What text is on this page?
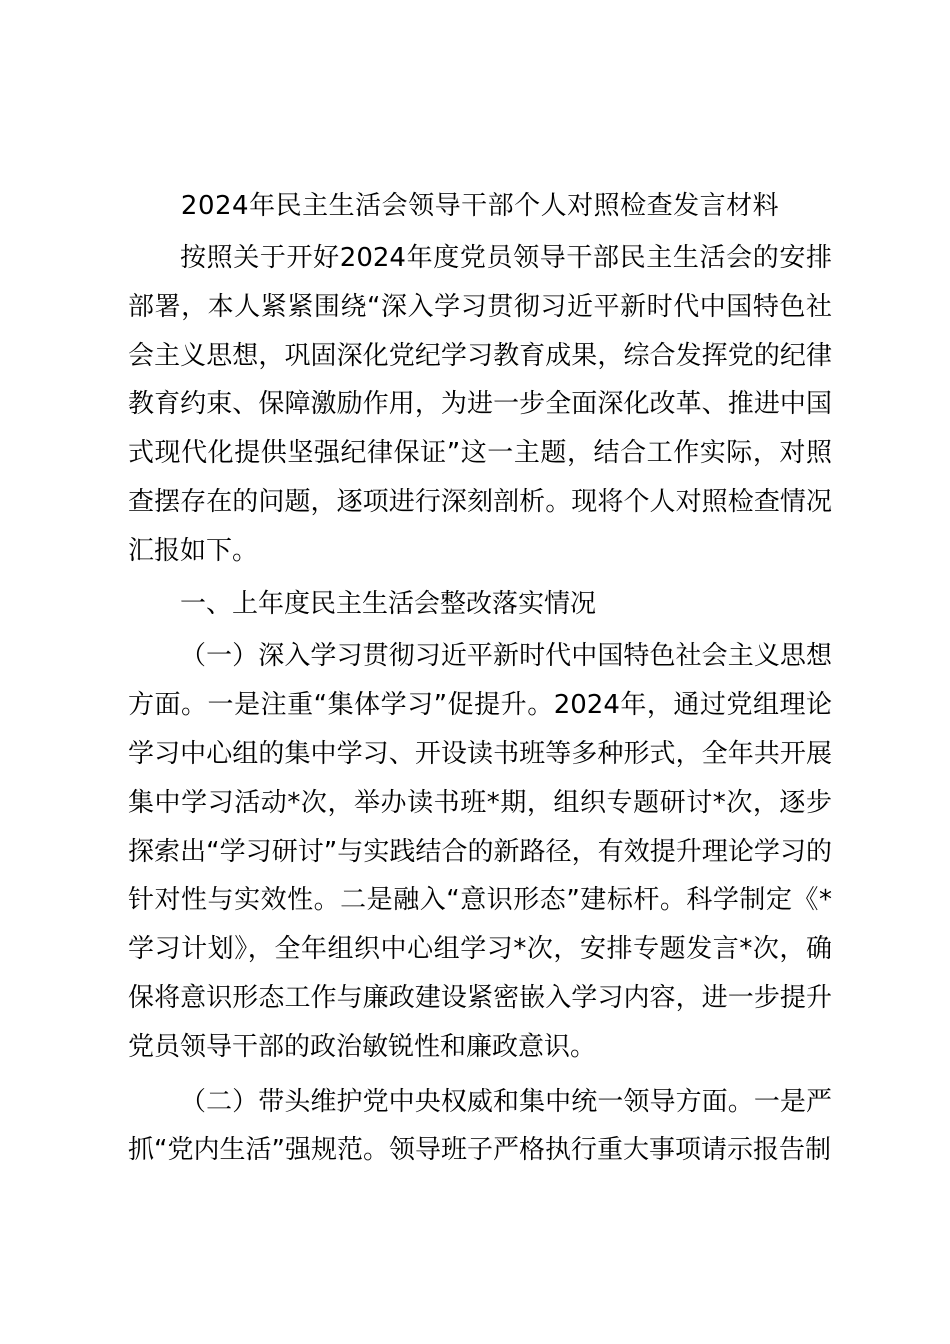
2024年民主生活会领导干部个人对照检查发言材料

按照关于开好2024年度党员领导干部民主生活会的安排部署，本人紧紧围绕“深入学习贯彻习近平新时代中国特色社会主义思想，巩固深化党纪学习教育成果，综合发挥党的纪律教育约束、保障激励作用，为进一步全面深化改革、推进中国式现代化提供坚强纪律保证”这一主题，结合工作实际，对照查摆存在的问题，逐项进行深刻剖析。现将个人对照检查情况汇报如下。

一、上年度民主生活会整改落实情况

（一）深入学习贯彻习近平新时代中国特色社会主义思想方面。一是注重“集体学习”促提升。2024年，通过党组理论学习中心组的集中学习、开设读书班等多种形式，全年共开展集中学习活动*次，举办读书班*期，组织专题研讨*次，逐步探索出“学习研讨”与实践结合的新路径，有效提升理论学习的针对性与实效性。二是融入“意识形态”建标杆。科学制定《*学习计划》，全年组织中心组学习*次，安排专题发言*次，确保将意识形态工作与廉政建设紧密嵌入学习内容，进一步提升党员领导干部的政治敏锐性和廉政意识。

（二）带头维护党中央权威和集中统一领导方面。一是严抓“党内生活”强规范。领导班子严格执行重大事项请示报告制
